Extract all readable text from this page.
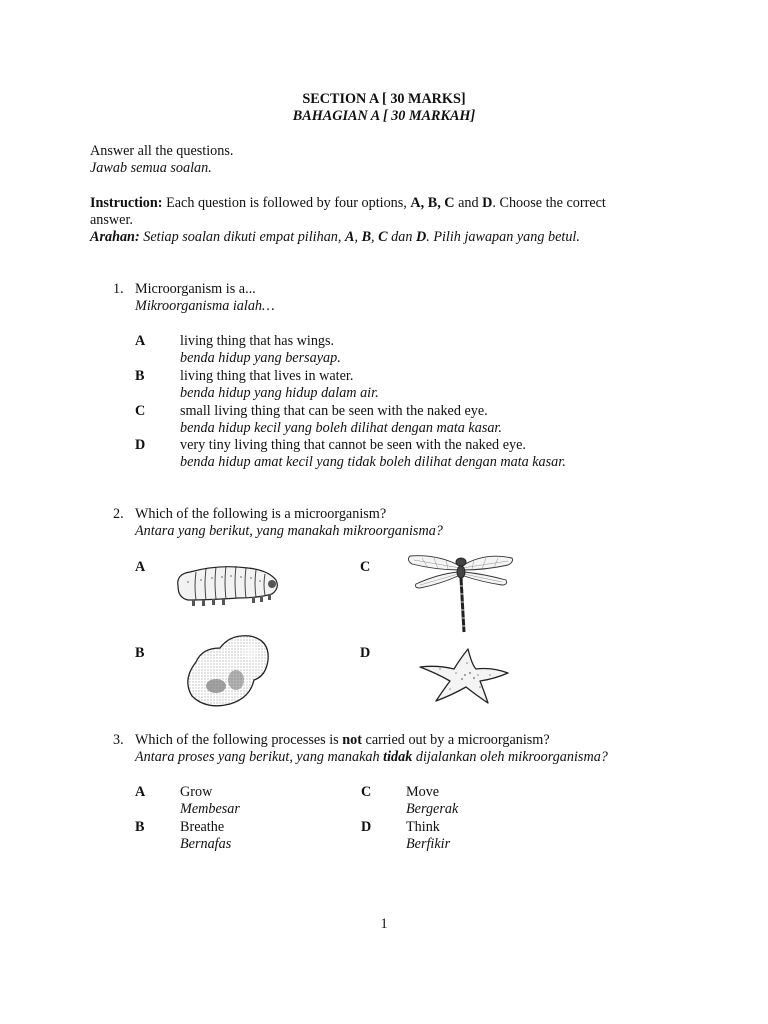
SECTION A [ 30 MARKS]
BAHAGIAN A [ 30 MARKAH]
Answer all the questions.
Jawab semua soalan.
Instruction: Each question is followed by four options, A, B, C and D. Choose the correct
answer.
Arahan: Setiap soalan dikuti empat pilihan, A, B, C dan D. Pilih jawapan yang betul.
1. Microorganism is a...
Mikroorganisma ialah…
A living thing that has wings.
benda hidup yang bersayap.
B	living thing that lives in water.
benda hidup yang hidup dalam air.
C small living thing that can be seen with the naked eye.
benda hidup kecil yang boleh dilihat dengan mata kasar.
D very tiny living thing that cannot be seen with the naked eye.
benda hidup amat kecil yang tidak boleh dilihat dengan mata kasar.
2. Which of the following is a microorganism?
Antara yang berikut, yang manakah mikroorganisma?
A	C
B	D
3. Which of the following processes is not carried out by a microorganism?
Antara proses yang berikut, yang manakah tidak dijalankan oleh mikroorganisma?
A Grow
Membesar
C Move
Bergerak
B	Breathe
Bernafas
D Think
Berfikir
1
